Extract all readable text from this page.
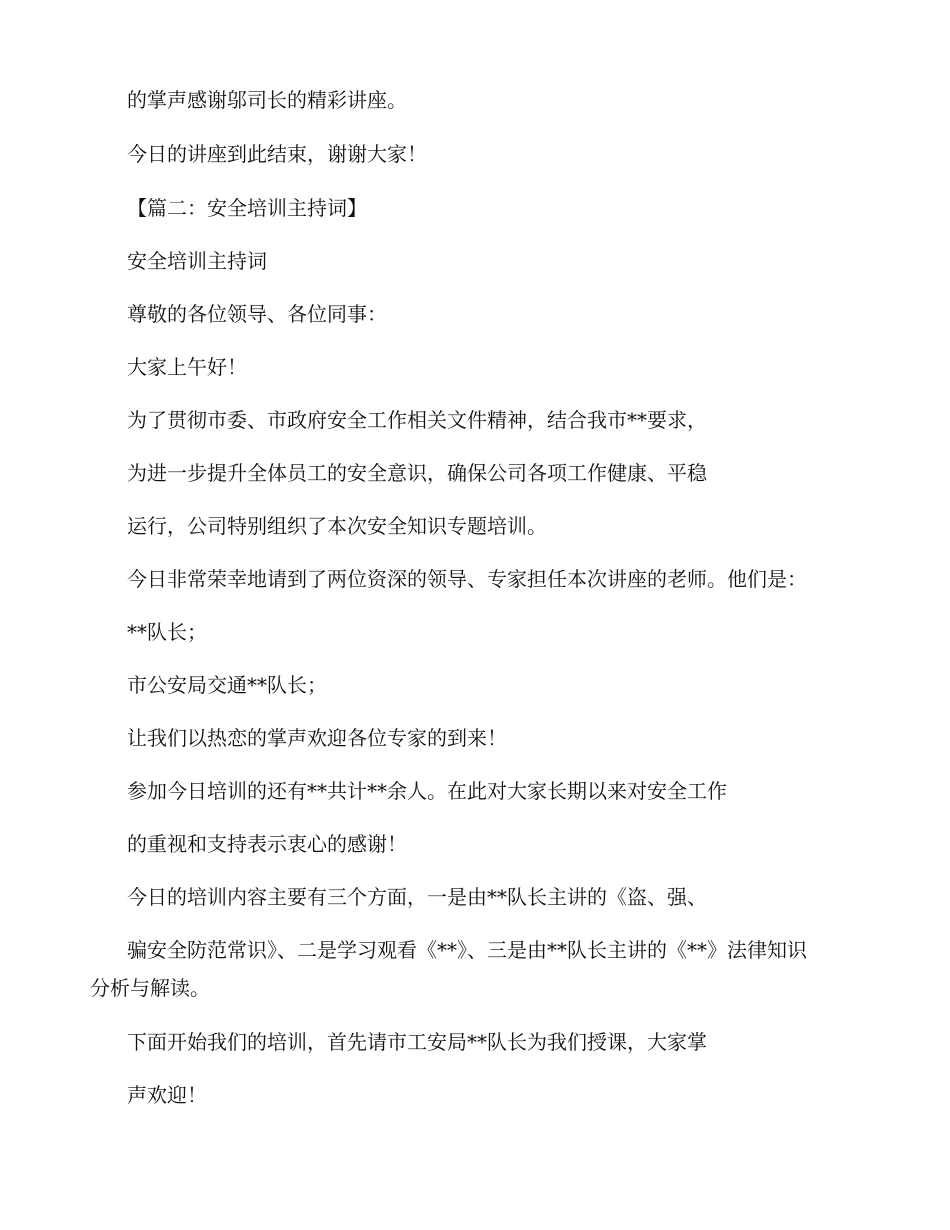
的掌声感谢邬司长的精彩讲座。
今日的讲座到此结束，谢谢大家！
【篇二：安全培训主持词】
安全培训主持词
尊敬的各位领导、各位同事：
大家上午好！
为了贯彻市委、市政府安全工作相关文件精神，结合我市**要求，
为进一步提升全体员工的安全意识，确保公司各项工作健康、平稳
运行，公司特别组织了本次安全知识专题培训。
今日非常荣幸地请到了两位资深的领导、专家担任本次讲座的老师。他们是：
**队长；
市公安局交通**队长；
让我们以热恋的掌声欢迎各位专家的到来！
参加今日培训的还有**共计**余人。在此对大家长期以来对安全工作
的重视和支持表示衷心的感谢！
今日的培训内容主要有三个方面，一是由**队长主讲的《盗、强、
骗安全防范常识》、二是学习观看《**》、三是由**队长主讲的《**》法律知识
分析与解读。
下面开始我们的培训，首先请市工安局**队长为我们授课，大家掌
声欢迎！
